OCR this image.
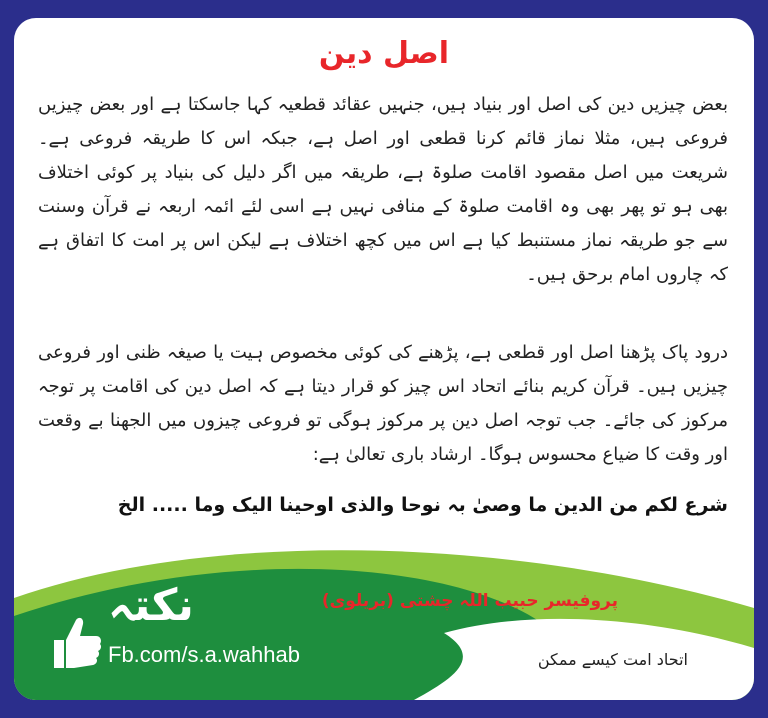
اصل دین
بعض چیزیں دین کی اصل اور بنیاد ہیں، جنہیں عقائد قطعیہ کہا جاسکتا ہے اور بعض چیزیں فروعی ہیں، مثلا نماز قائم کرنا قطعی اور اصل ہے، جبکہ اس کا طریقہ فروعی ہے۔ شریعت میں اصل مقصود اقامت صلوۃ ہے، طریقہ میں اگر دلیل کی بنیاد پر کوئی اختلاف بھی ہو تو پھر بھی وہ اقامت صلوۃ کے منافی نہیں ہے اسی لئے ائمہ اربعہ نے قرآن وسنت سے جو طریقہ نماز مستنبط کیا ہے اس میں کچھ اختلاف ہے لیکن اس پر امت کا اتفاق ہے کہ چاروں امام برحق ہیں۔
درود پاک پڑھنا اصل اور قطعی ہے، پڑھنے کی کوئی مخصوص ہیت یا صیغہ ظنی اور فروعی چیزیں ہیں۔ قرآن کریم بنائے اتحاد اس چیز کو قرار دیتا ہے کہ اصل دین کی اقامت پر توجہ مرکوز کی جائے۔ جب توجہ اصل دین پر مرکوز ہوگی تو فروعی چیزوں میں الجھنا بے وقعت اور وقت کا ضیاع محسوس ہوگا۔ ارشاد باری تعالیٰ ہے:
شرع لکم من الدین ما وصیٰ بہ نوحا والذی اوحینا الیک وما ..... الخ
نکتہ
Fb.com/s.a.wahhab
پروفیسر حبیب اللہ چشتی (بریلوی)
اتحاد امت کیسے ممکن
